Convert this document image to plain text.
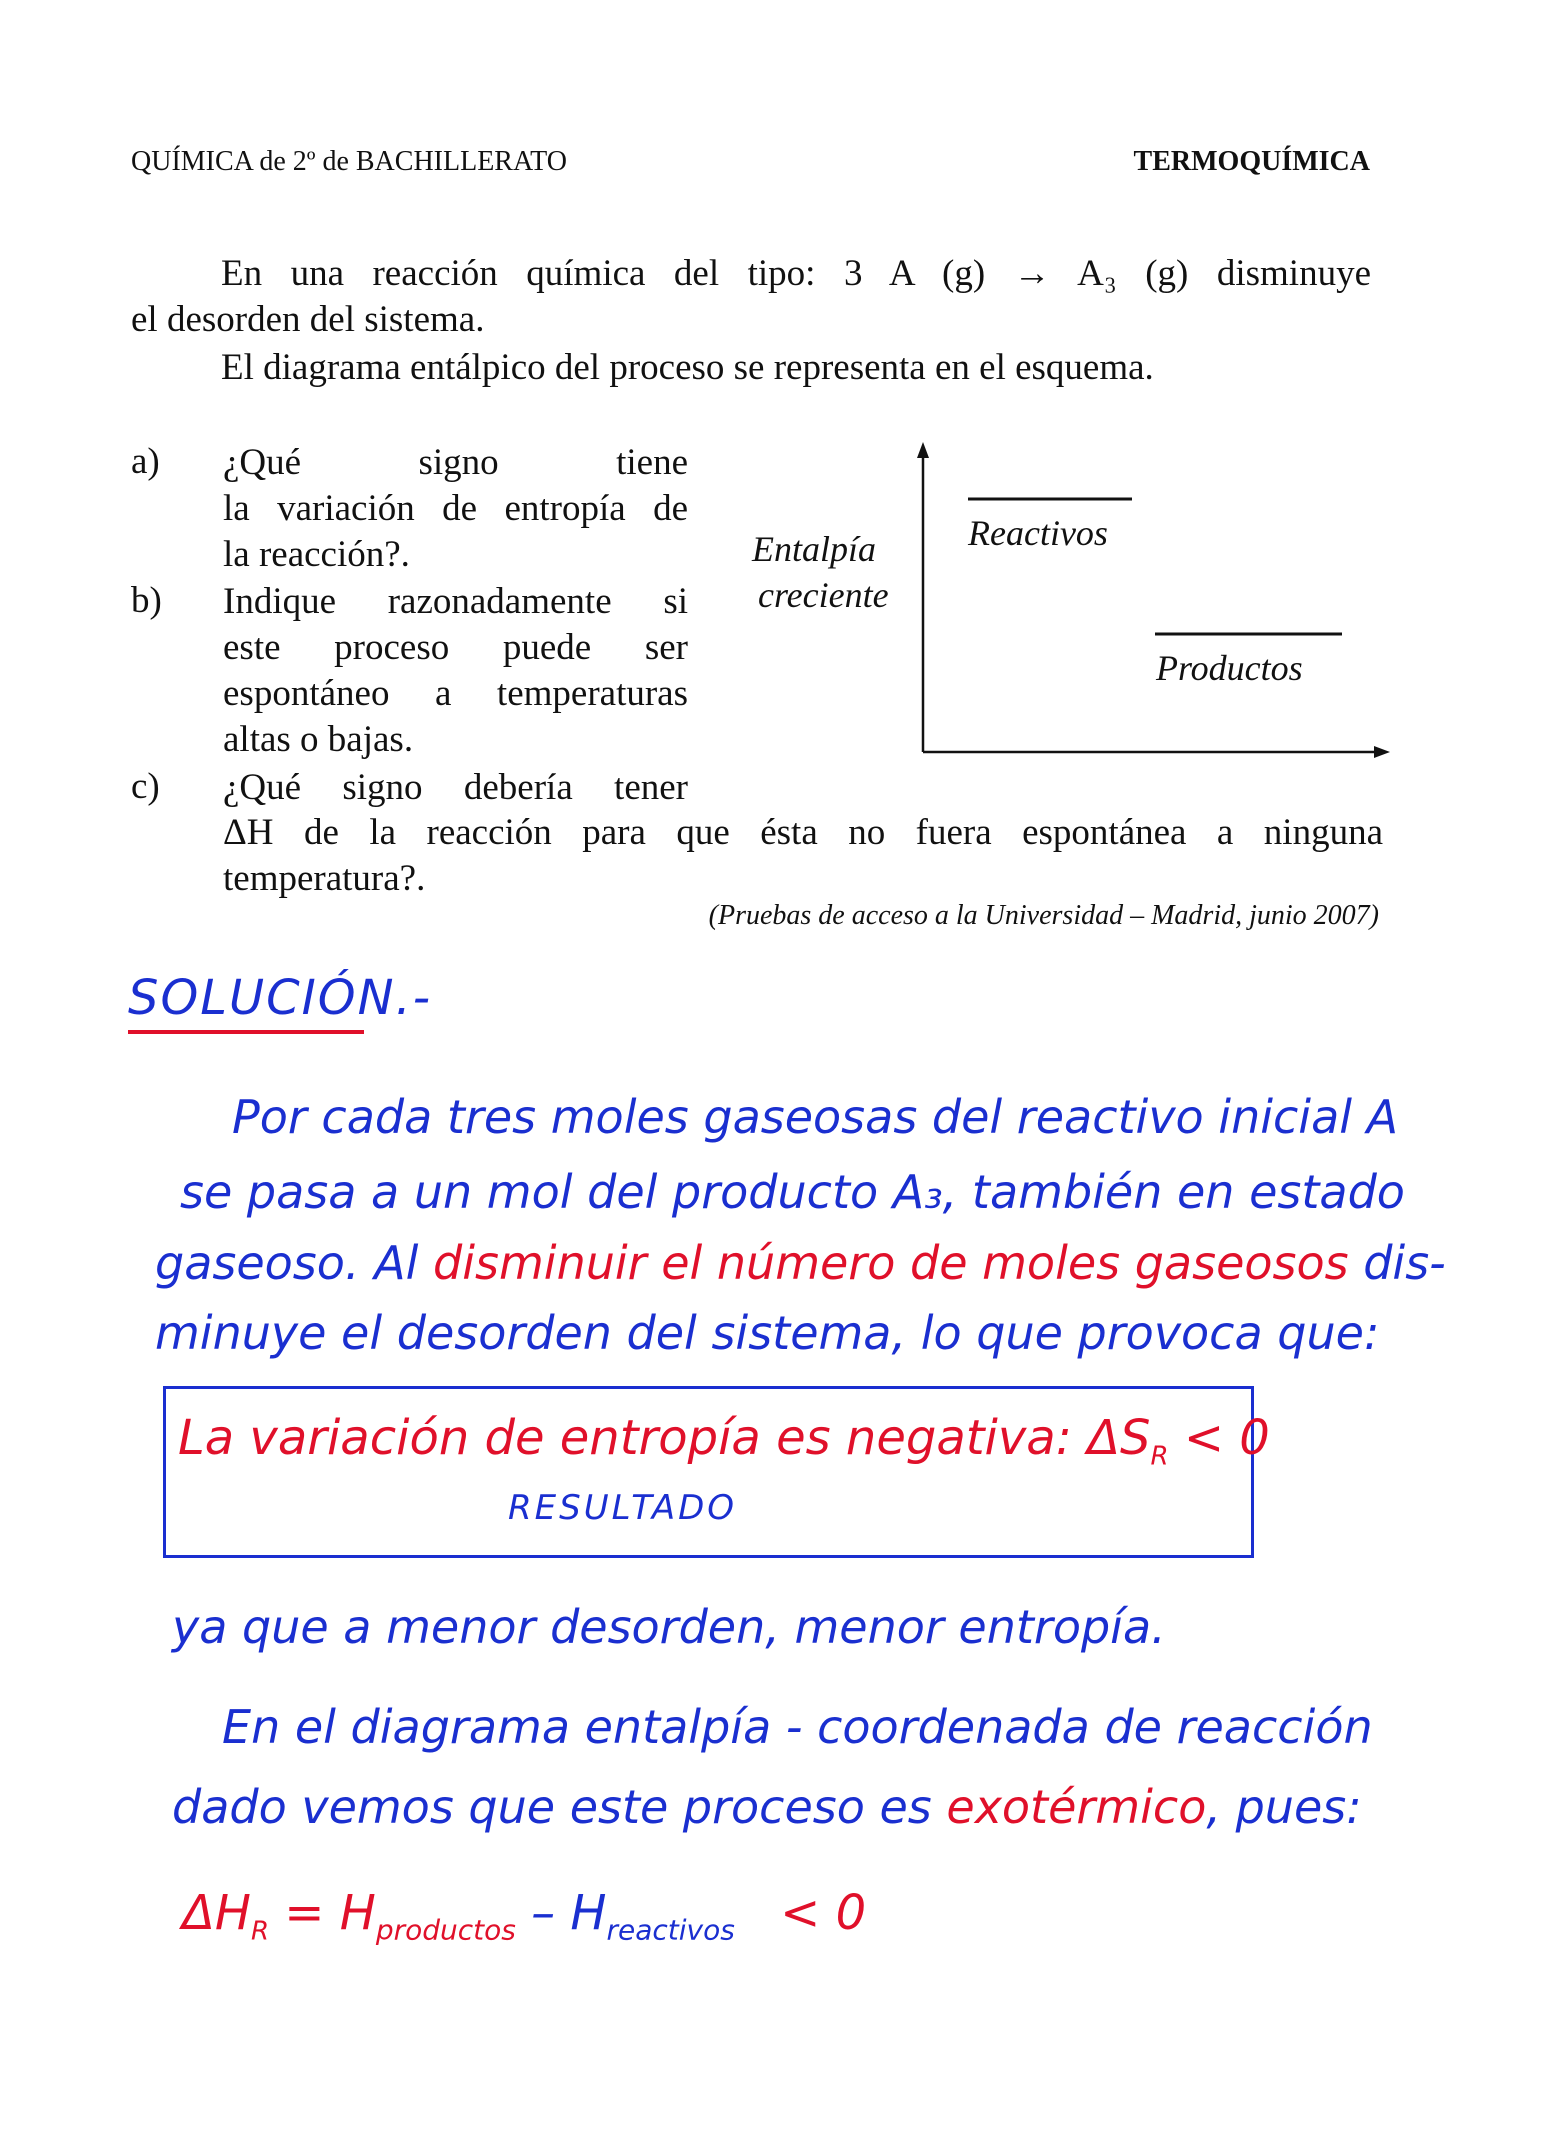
QUÍMICA de 2º de BACHILLERATO	TERMOQUÍMICA
En una reacción química del tipo: 3 A (g) → A₃ (g) disminuye
el desorden del sistema.
El diagrama entálpico del proceso se representa en el esquema.
a) ¿Qué signo tiene
la variación de entropía de
la reacción?.
b) Indique razonadamente si
este proceso puede ser
espontáneo a temperaturas
altas o bajas.
c) ¿Qué signo debería tener
ΔH de la reacción para que ésta no fuera espontánea a ninguna
temperatura?.
Entalpía
creciente
Reactivos
Productos
(Pruebas de acceso a la Universidad – Madrid, junio 2007)
SOLUCIÓN.-
Por cada tres moles gaseosas del reactivo inicial A
se pasa a un mol del producto A₃, también en estado
gaseoso. Al disminuir el número de moles gaseosos dis-
minuye el desorden del sistema, lo que provoca que:
La variación de entropía es negativa: $\Delta S_R < 0$
RESULTADO
ya que a menor desorden, menor entropía.
En el diagrama entalpía - coordenada de reacción
dado vemos que este proceso es exotérmico, pues:
$\Delta H_R = H_{productos} - H_{reactivos} < 0$
